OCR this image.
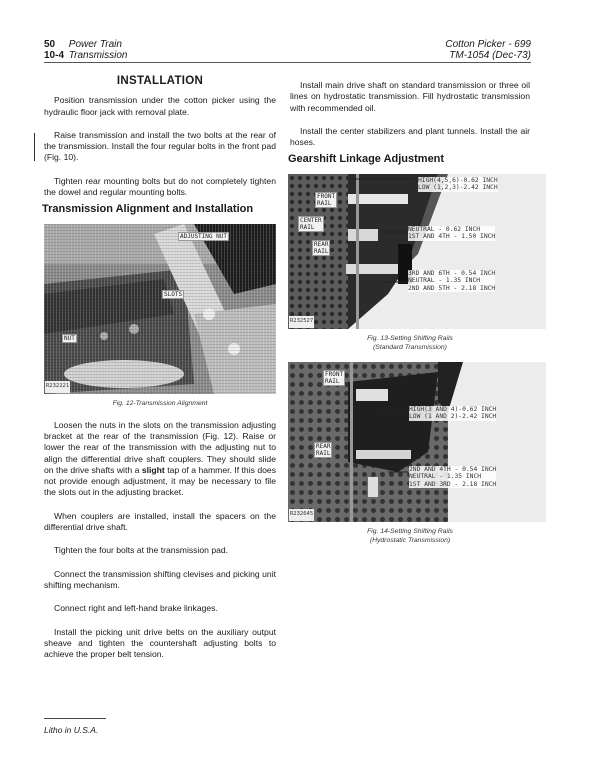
50 Power Train
10-4 Transmission
Cotton Picker - 699
TM-1054 (Dec-73)
INSTALLATION

Position transmission under the cotton picker using the hydraulic floor jack with removal plate.

Raise transmission and install the two bolts at the rear of the transmission. Install the four regular bolts in the front pad (Fig. 10).

Tighten rear mounting bolts but do not completely tighten the dowel and regular mounting bolts.

Transmission Alignment and Installation
ADJUSTING NUT
SLOTS
NUT
R232221
Fig. 12-Transmission Alignment

Loosen the nuts in the slots on the transmission adjusting bracket at the rear of the transmission (Fig. 12). Raise or lower the rear of the transmission with the adjusting nut to align the differential drive shaft couplers. They should slide on the drive shafts with a slight tap of a hammer. If this does not provide enough adjustment, it may be necessary to file the slots out in the adjusting bracket.

When couplers are installed, install the spacers on the differential drive shaft.

Tighten the four bolts at the transmission pad.

Connect the transmission shifting clevises and picking unit shifting mechanism.

Connect right and left-hand brake linkages.

Install the picking unit drive belts on the auxiliary output sheave and tighten the countershaft adjusting bolts to achieve the proper belt tension.

Install main drive shaft on standard transmission or three oil lines on hydrostatic transmission. Fill hydrostatic transmission with recommended oil.

Install the center stabilizers and plant tunnels. Install the air hoses.

Gearshift Linkage Adjustment
FRONT
RAIL
CENTER
RAIL
REAR
RAIL
HIGH(4,5,6)-0.62 INCH
LOW (1,2,3)-2.42 INCH
NEUTRAL - 0.62 INCH
1ST AND 4TH - 1.50 INCH
3RD AND 6TH - 0.54 INCH
NEUTRAL - 1.35 INCH
2ND AND 5TH - 2.18 INCH
R232527
Fig. 13-Setting Shifting Rails
(Standard Transmission)
FRONT
RAIL
REAR
RAIL
HIGH(3 AND 4)-0.62 INCH
LOW (1 AND 2)-2.42 INCH
2ND AND 4TH - 0.54 INCH
NEUTRAL - 1.35 INCH
1ST AND 3RD - 2.18 INCH
R232645
Fig. 14-Setting Shifting Rails
(Hydrostatic Transmission)
Litho in U.S.A.
